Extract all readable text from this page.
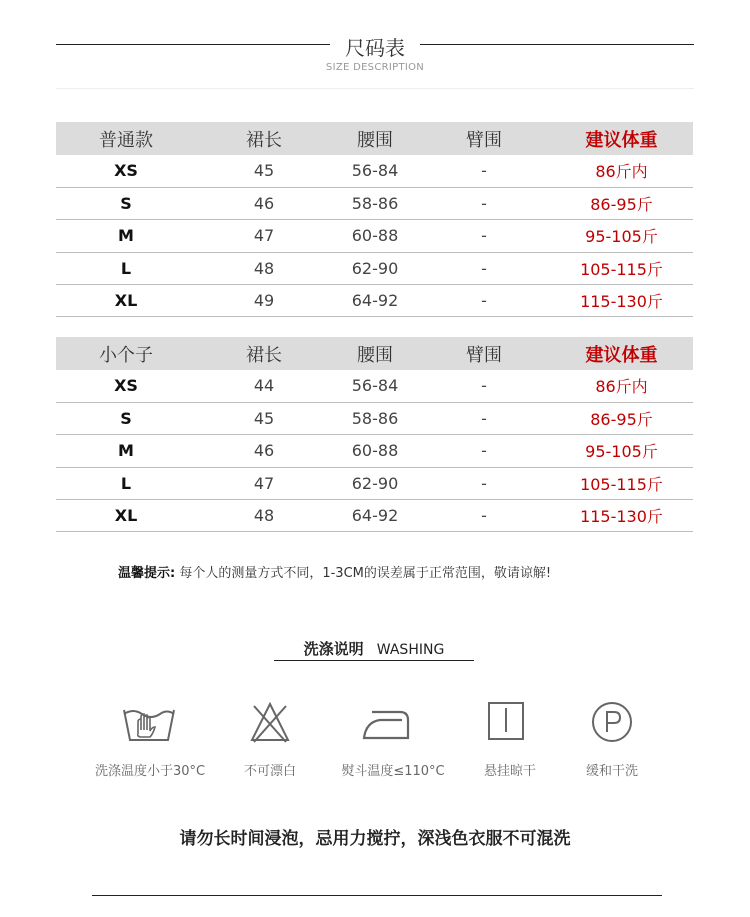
尺码表
SIZE DESCRIPTION
普通款	裙长	腰围	臂围	建议体重
XS	45	56-84	-	86斤内
S	46	58-86	-	86-95斤
M	47	60-88	-	95-105斤
L	48	62-90	-	105-115斤
XL	49	64-92	-	115-130斤
小个子	裙长	腰围	臂围	建议体重
XS	44	56-84	-	86斤内
S	45	58-86	-	86-95斤
M	46	60-88	-	95-105斤
L	47	62-90	-	105-115斤
XL	48	64-92	-	115-130斤
温馨提示: 每个人的测量方式不同，1-3CM的误差属于正常范围，敬请谅解!
洗涤说明 WASHING
洗涤温度小于30°C	不可漂白	熨斗温度≤110°C	悬挂晾干	缓和干洗
请勿长时间浸泡，忌用力搅拧，深浅色衣服不可混洗
